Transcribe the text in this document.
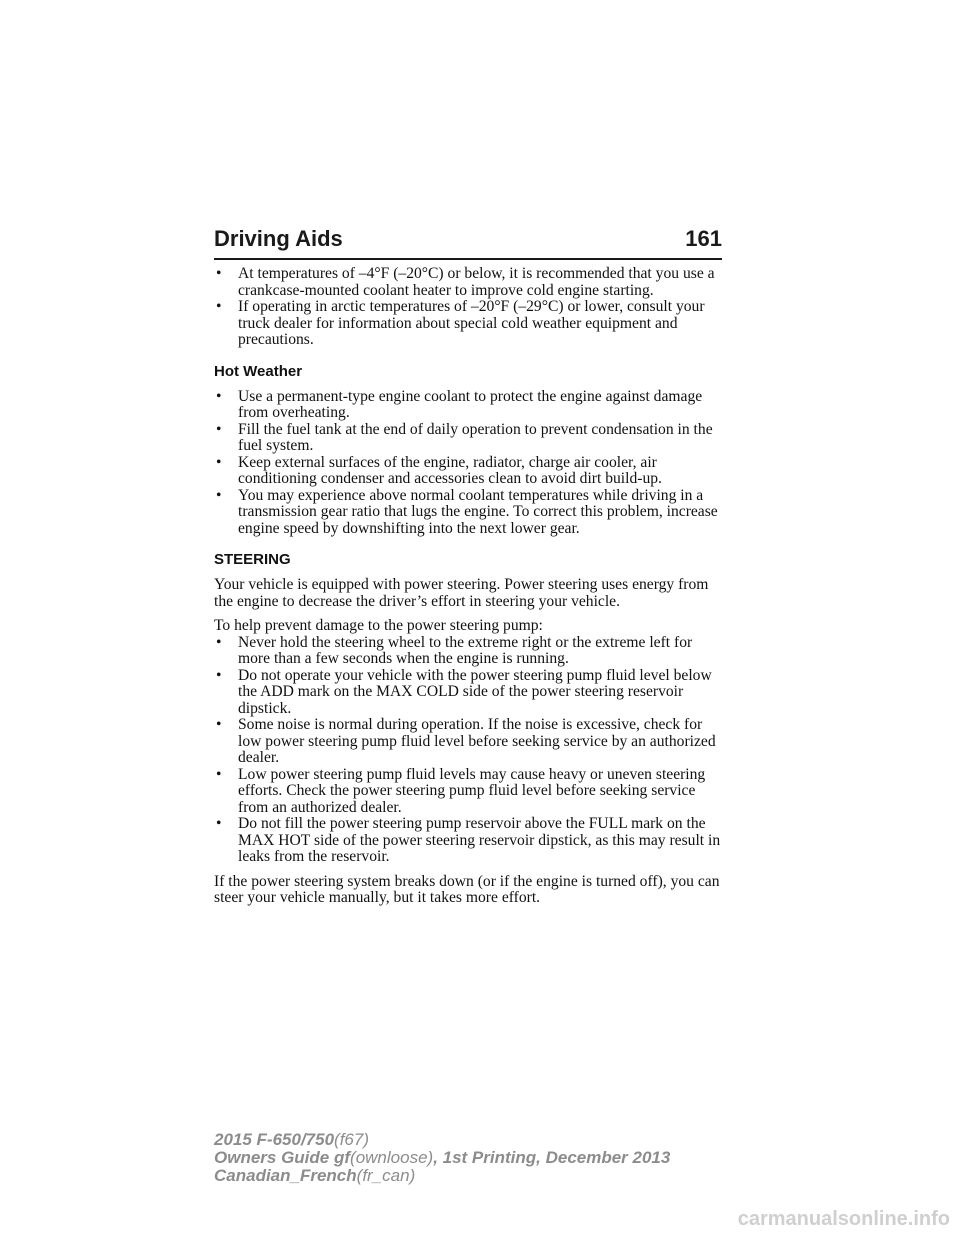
Driving Aids	161
• At temperatures of –4°F (–20°C) or below, it is recommended that you use a crankcase-mounted coolant heater to improve cold engine starting.
• If operating in arctic temperatures of –20°F (–29°C) or lower, consult your truck dealer for information about special cold weather equipment and precautions.
Hot Weather
• Use a permanent-type engine coolant to protect the engine against damage from overheating.
• Fill the fuel tank at the end of daily operation to prevent condensation in the fuel system.
• Keep external surfaces of the engine, radiator, charge air cooler, air conditioning condenser and accessories clean to avoid dirt build-up.
• You may experience above normal coolant temperatures while driving in a transmission gear ratio that lugs the engine. To correct this problem, increase engine speed by downshifting into the next lower gear.
STEERING

Your vehicle is equipped with power steering. Power steering uses energy from the engine to decrease the driver’s effort in steering your vehicle.

To help prevent damage to the power steering pump:

• Never hold the steering wheel to the extreme right or the extreme left for more than a few seconds when the engine is running.
• Do not operate your vehicle with the power steering pump fluid level below the ADD mark on the MAX COLD side of the power steering reservoir dipstick.
• Some noise is normal during operation. If the noise is excessive, check for low power steering pump fluid level before seeking service by an authorized dealer.
• Low power steering pump fluid levels may cause heavy or uneven steering efforts. Check the power steering pump fluid level before seeking service from an authorized dealer.
• Do not fill the power steering pump reservoir above the FULL mark on the MAX HOT side of the power steering reservoir dipstick, as this may result in leaks from the reservoir.

If the power steering system breaks down (or if the engine is turned off), you can steer your vehicle manually, but it takes more effort.

2015 F-650/750(f67)
Owners Guide gf(ownloose), 1st Printing, December 2013
Canadian_French(fr_can)
carmanualsonline.info
